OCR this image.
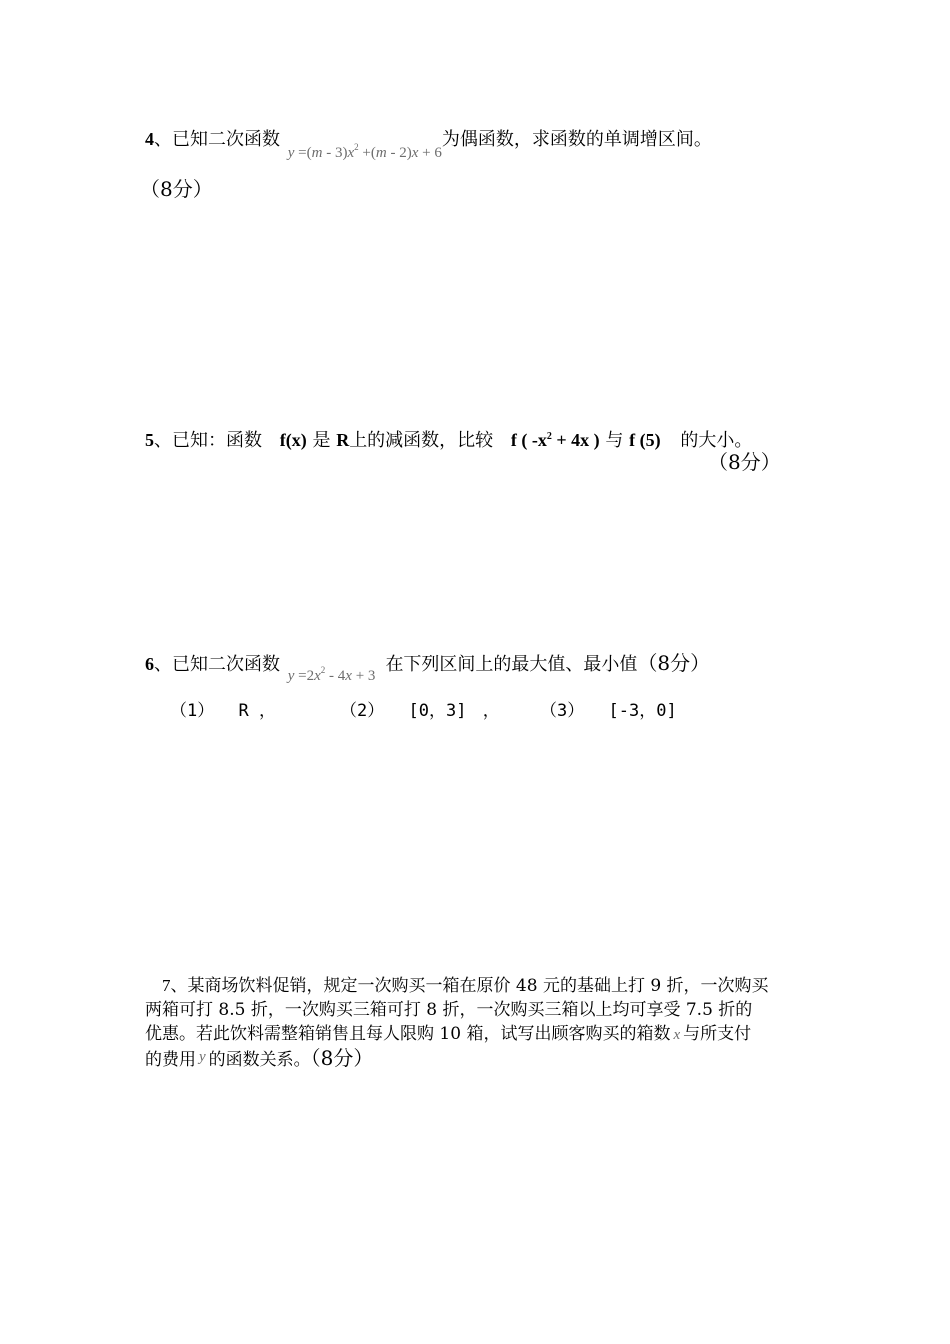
4、已知二次函数 $y =(m - 3)x^2 +(m - 2)x + 6$为偶函数，求函数的单调增区间。
（8分）
5、已知：函数 f(x) 是 R上的减函数，比较 f ( $-x^2 + 4x$ ) 与 f (5) 的大小。
（8分）
6、已知二次函数 $y =2x^2 - 4x + 3$在下列区间上的最大值、最小值（8分）
（1） R ，	（2） [0，3] ， （3） [-3，0]
7、某商场饮料促销，规定一次购买一箱在原价 48 元的基础上打 9 折，一次购买
两箱可打 8.5 折，一次购买三箱可打 8 折，一次购买三箱以上均可享受 7.5 折的
优惠。若此饮料需整箱销售且每人限购 10 箱，试写出顾客购买的箱数 x 与所支付
的费用 y 的函数关系。（8分）
